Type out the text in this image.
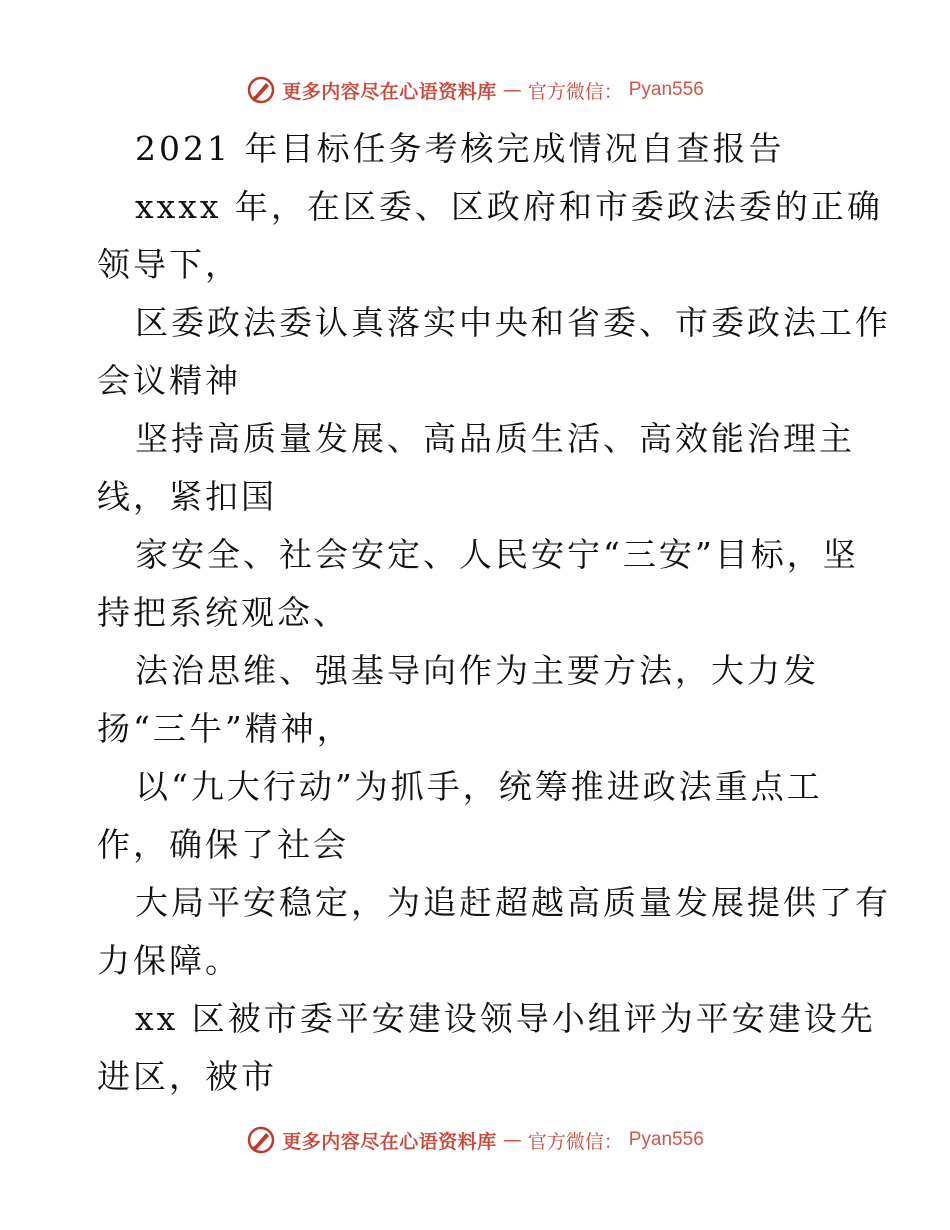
更多内容尽在心语资料库 — 官方微信： Pyan556
2021 年目标任务考核完成情况自查报告
xxxx 年，在区委、区政府和市委政法委的正确
领导下，
区委政法委认真落实中央和省委、市委政法工作
会议精神
坚持高质量发展、高品质生活、高效能治理主
线，紧扣国
家安全、社会安定、人民安宁“三安”目标，坚
持把系统观念、
法治思维、强基导向作为主要方法，大力发
扬“三牛”精神，
以“九大行动”为抓手，统筹推进政法重点工
作，确保了社会
大局平安稳定，为追赶超越高质量发展提供了有
力保障。
xx 区被市委平安建设领导小组评为平安建设先
进区，被市
更多内容尽在心语资料库 — 官方微信： Pyan556
